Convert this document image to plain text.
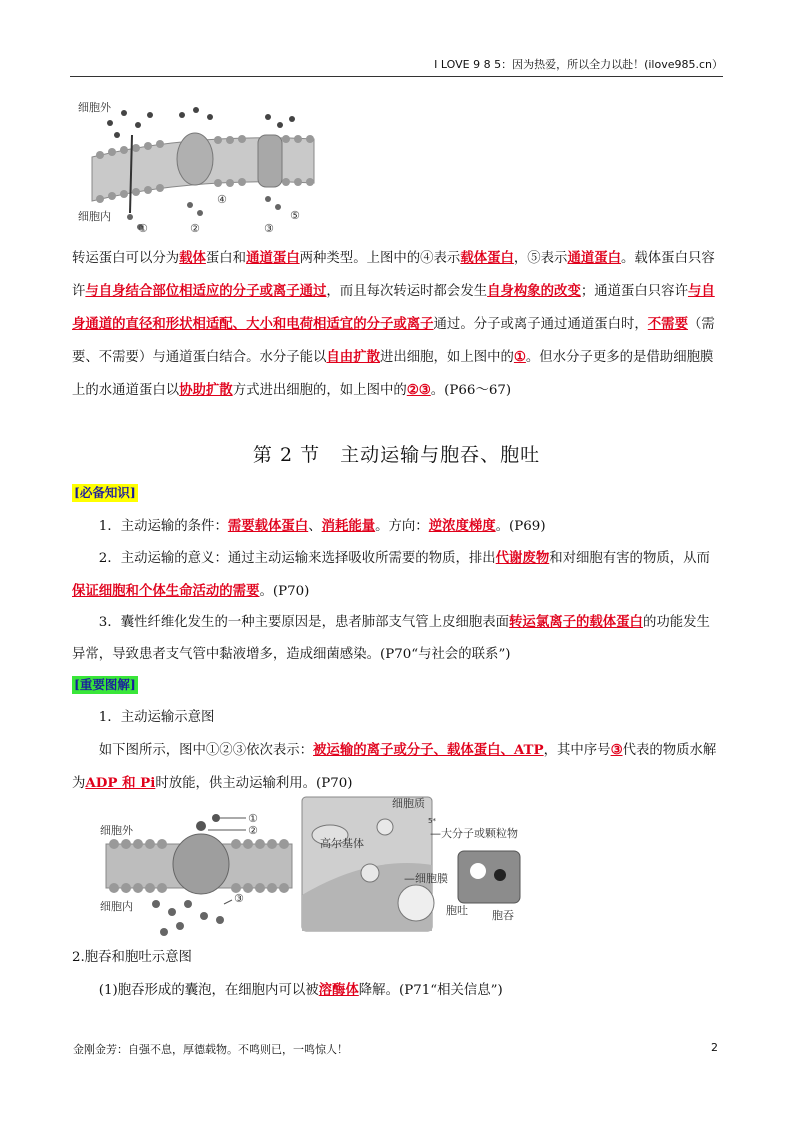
I LOVE 9 8 5：因为热爱，所以全力以赴！(ilove985.cn）
细胞外
细胞内
①	②
④
③
⑤
转运蛋白可以分为载体蛋白和通道蛋白两种类型。上图中的④表示载体蛋白，⑤表示通道蛋白。载体蛋白只容许与自身结合部位相适应的分子或离子通过，而且每次转运时都会发生自身构象的改变；通道蛋白只容许与自身通道的直径和形状相适配、大小和电荷相适宜的分子或离子通过。分子或离子通过通道蛋白时，不需要（需要、不需要）与通道蛋白结合。水分子能以自由扩散进出细胞，如上图中的①。但水分子更多的是借助细胞膜上的水通道蛋白以协助扩散方式进出细胞的，如上图中的②③。(P66～67)
第 2 节　主动运输与胞吞、胞吐
[必备知识]
1．主动运输的条件：需要载体蛋白、消耗能量。方向：逆浓度梯度。(P69)
2．主动运输的意义：通过主动运输来选择吸收所需要的物质，排出代谢废物和对细胞有害的物质，从而保证细胞和个体生命活动的需要。(P70)
3．囊性纤维化发生的一种主要原因是，患者肺部支气管上皮细胞表面转运氯离子的载体蛋白的功能发生异常，导致患者支气管中黏液增多，造成细菌感染。(P70“与社会的联系”)
[重要图解]
1．主动运输示意图
如下图所示，图中①②③依次表示：被运输的离子或分子、载体蛋白、ATP，其中序号③代表的物质水解为ADP 和 Pi时放能，供主动运输利用。(P70)
细胞外
细胞内
①
②
③
细胞质
5*
—大分子或颗粒物
高尔基体
—细胞膜
胞吐 胞吞
2.胞吞和胞吐示意图
(1)胞吞形成的囊泡，在细胞内可以被溶酶体降解。(P71“相关信息”)
金刚金芳：自强不息，厚德载物。不鸣则已，一鸣惊人！	2
